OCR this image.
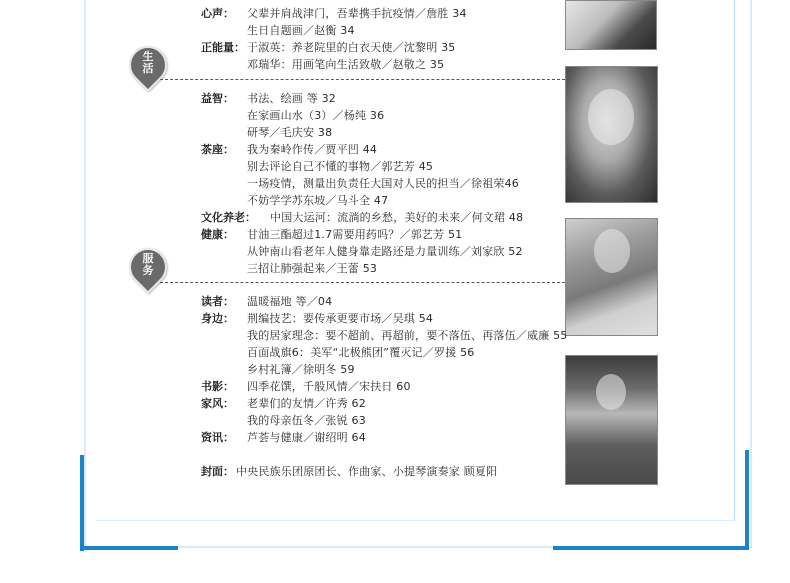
生
活
服
务
心声： 父辈并肩战津门，吾辈携手抗疫情／詹胜 34
生日自题画／赵衡 34
正能量： 于淑英：养老院里的白衣天使／沈黎明 35
邓瑞华：用画笔向生活致敬／赵敬之 35
益智： 书法、绘画 等 32
在家画山水（3）／杨纯 36
研琴／毛庆安 38
茶座： 我为秦岭作传／贾平凹 44
别去评论自己不懂的事物／郭艺芳 45
一场疫情，测量出负责任大国对人民的担当／徐祖荣46
不妨学学苏东坡／马斗全 47
文化养老： 中国大运河：流淌的乡愁，美好的未来／何文珺 48
健康： 甘油三酯超过1.7需要用药吗？／郭艺芳 51
从钟南山看老年人健身靠走路还是力量训练／刘家欣 52
三招让肺强起来／王蕾 53
读者： 温暖福地 等／04
身边： 荆编技艺：要传承更要市场／吴琪 54
我的居家理念：要不超前、再超前，要不落伍、再落伍／威廉 55
百面战旗6：美军“北极熊团”覆灭记／罗援 56
乡村礼簿／徐明冬 59
书影： 四季花馔，千般风情／宋扶日 60
家风： 老辈们的友情／许秀 62
我的母亲伍冬／张锐 63
资讯： 芦荟与健康／谢绍明 64
封面： 中央民族乐团原团长、作曲家、小提琴演奏家 顾夏阳
